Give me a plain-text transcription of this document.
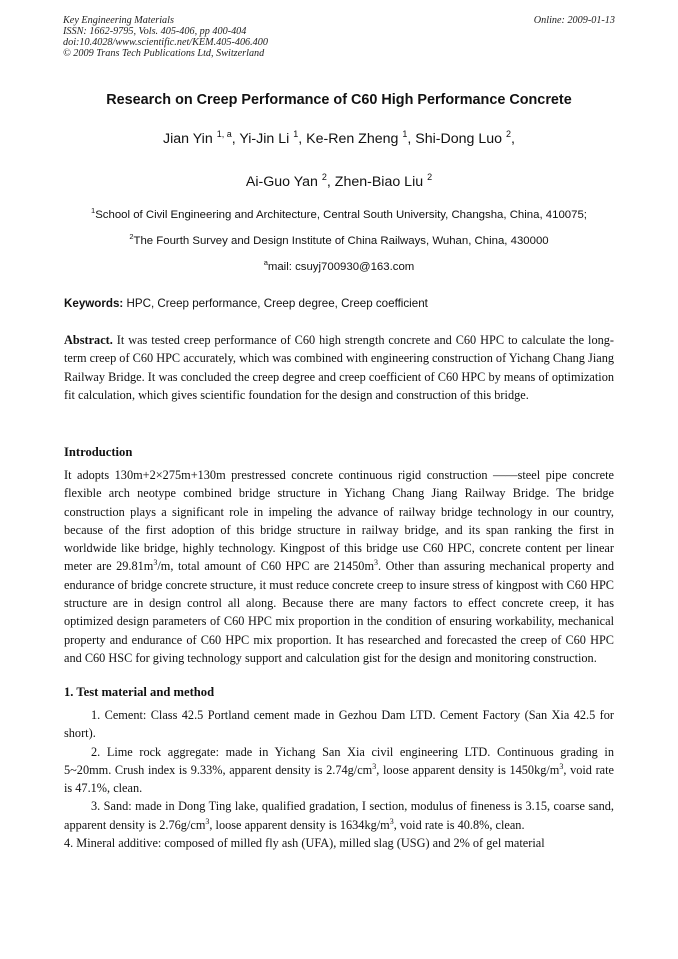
Key Engineering Materials
ISSN: 1662-9795, Vols. 405-406, pp 400-404
doi:10.4028/www.scientific.net/KEM.405-406.400
© 2009 Trans Tech Publications Ltd, Switzerland
Online: 2009-01-13
Research on Creep Performance of C60 High Performance Concrete
Jian Yin $^{1, a}$, Yi-Jin Li $^1$, Ke-Ren Zheng $^1$, Shi-Dong Luo $^2$,
Ai-Guo Yan $^2$, Zhen-Biao Liu $^2$
$^1$School of Civil Engineering and Architecture, Central South University, Changsha, China, 410075;
$^2$The Fourth Survey and Design Institute of China Railways, Wuhan, China, 430000
$^a$mail: csuyj700930@163.com
Keywords: HPC, Creep performance, Creep degree, Creep coefficient

Abstract. It was tested creep performance of C60 high strength concrete and C60 HPC to calculate the long-term creep of C60 HPC accurately, which was combined with engineering construction of Yichang Chang Jiang Railway Bridge. It was concluded the creep degree and creep coefficient of C60 HPC by means of optimization fit calculation, which gives scientific foundation for the design and construction of this bridge.

Introduction

It adopts 130m+2×275m+130m prestressed concrete continuous rigid construction ——steel pipe concrete flexible arch neotype combined bridge structure in Yichang Chang Jiang Railway Bridge. The bridge construction plays a significant role in impeling the advance of railway bridge technology in our country, because of the first adoption of this bridge structure in railway bridge, and its span ranking the first in worldwide like bridge, highly technology. Kingpost of this bridge use C60 HPC, concrete content per linear meter are $29.81m^3/m$, total amount of C60 HPC are $21450m^3$. Other than assuring mechanical property and endurance of bridge concrete structure, it must reduce concrete creep to insure stress of kingpost with C60 HPC structure are in design control all along. Because there are many factors to effect concrete creep, it has optimized design parameters of C60 HPC mix proportion in the condition of ensuring workability, mechanical property and endurance of C60 HPC mix proportion. It has researched and forecasted the creep of C60 HPC and C60 HSC for giving technology support and calculation gist for the design and monitoring construction.

1. Test material and method

1. Cement: Class 42.5 Portland cement made in Gezhou Dam LTD. Cement Factory (San Xia 42.5 for short).

2. Lime rock aggregate: made in Yichang San Xia civil engineering LTD. Continuous grading in 5~20mm. Crush index is 9.33%, apparent density is $2.74g/cm^3$, loose apparent density is $1450kg/m^3$, void rate is 47.1%, clean.

3. Sand: made in Dong Ting lake, qualified gradation, I section, modulus of fineness is 3.15, coarse sand, apparent density is $2.76g/cm^3$, loose apparent density is $1634kg/m^3$, void rate is 40.8%, clean.

4. Mineral additive: composed of milled fly ash (UFA), milled slag (USG) and 2% of gel material
